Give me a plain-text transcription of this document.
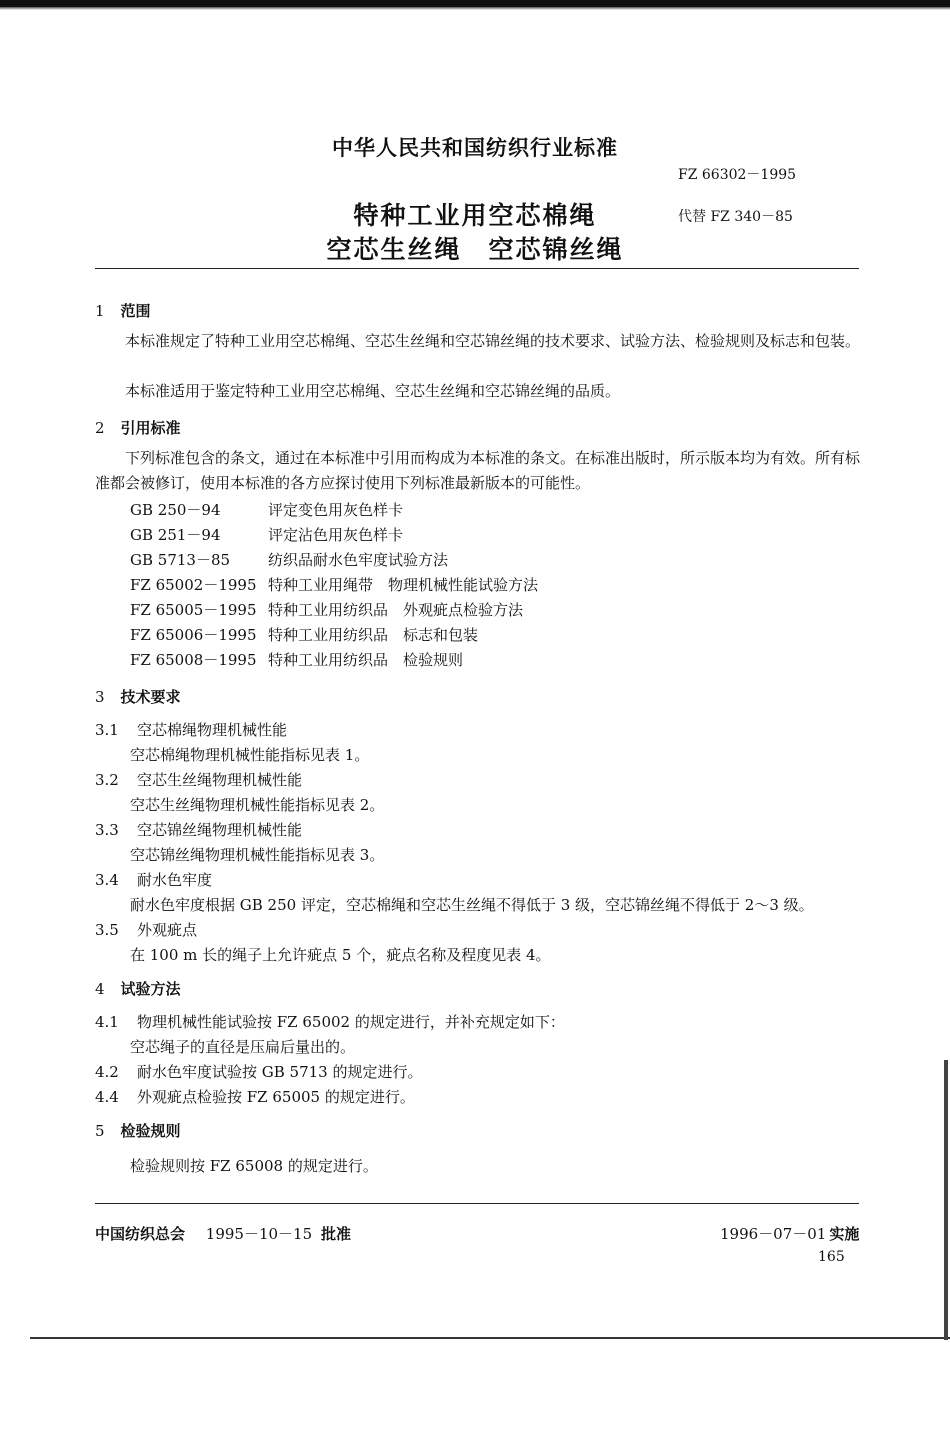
中华人民共和国纺织行业标准
FZ 66302－1995
特种工业用空芯棉绳	代替 FZ 340－85
空芯生丝绳　空芯锦丝绳
1 范围
本标准规定了特种工业用空芯棉绳、空芯生丝绳和空芯锦丝绳的技术要求、试验方法、检验规则及标志和包装。
本标准适用于鉴定特种工业用空芯棉绳、空芯生丝绳和空芯锦丝绳的品质。
2 引用标准
下列标准包含的条文，通过在本标准中引用而构成为本标准的条文。在标准出版时，所示版本均为有效。所有标准都会被修订，使用本标准的各方应探讨使用下列标准最新版本的可能性。
GB 250－94	评定变色用灰色样卡
GB 251－94	评定沾色用灰色样卡
GB 5713－85	纺织品耐水色牢度试验方法
FZ 65002－1995 特种工业用绳带　物理机械性能试验方法
FZ 65005－1995 特种工业用纺织品　外观疵点检验方法
FZ 65006－1995 特种工业用纺织品　标志和包装
FZ 65008－1995 特种工业用纺织品　检验规则
3 技术要求
3.1 空芯棉绳物理机械性能
空芯棉绳物理机械性能指标见表 1。
3.2 空芯生丝绳物理机械性能
空芯生丝绳物理机械性能指标见表 2。
3.3 空芯锦丝绳物理机械性能
空芯锦丝绳物理机械性能指标见表 3。
3.4 耐水色牢度
耐水色牢度根据 GB 250 评定，空芯棉绳和空芯生丝绳不得低于 3 级，空芯锦丝绳不得低于 2～3 级。
3.5 外观疵点
在 100 m 长的绳子上允许疵点 5 个，疵点名称及程度见表 4。
4 试验方法
4.1 物理机械性能试验按 FZ 65002 的规定进行，并补充规定如下：
空芯绳子的直径是压扁后量出的。
4.2 耐水色牢度试验按 GB 5713 的规定进行。
4.4 外观疵点检验按 FZ 65005 的规定进行。
5 检验规则
检验规则按 FZ 65008 的规定进行。
中国纺织总会 1995－10－15 批准	1996－07－01 实施
165
